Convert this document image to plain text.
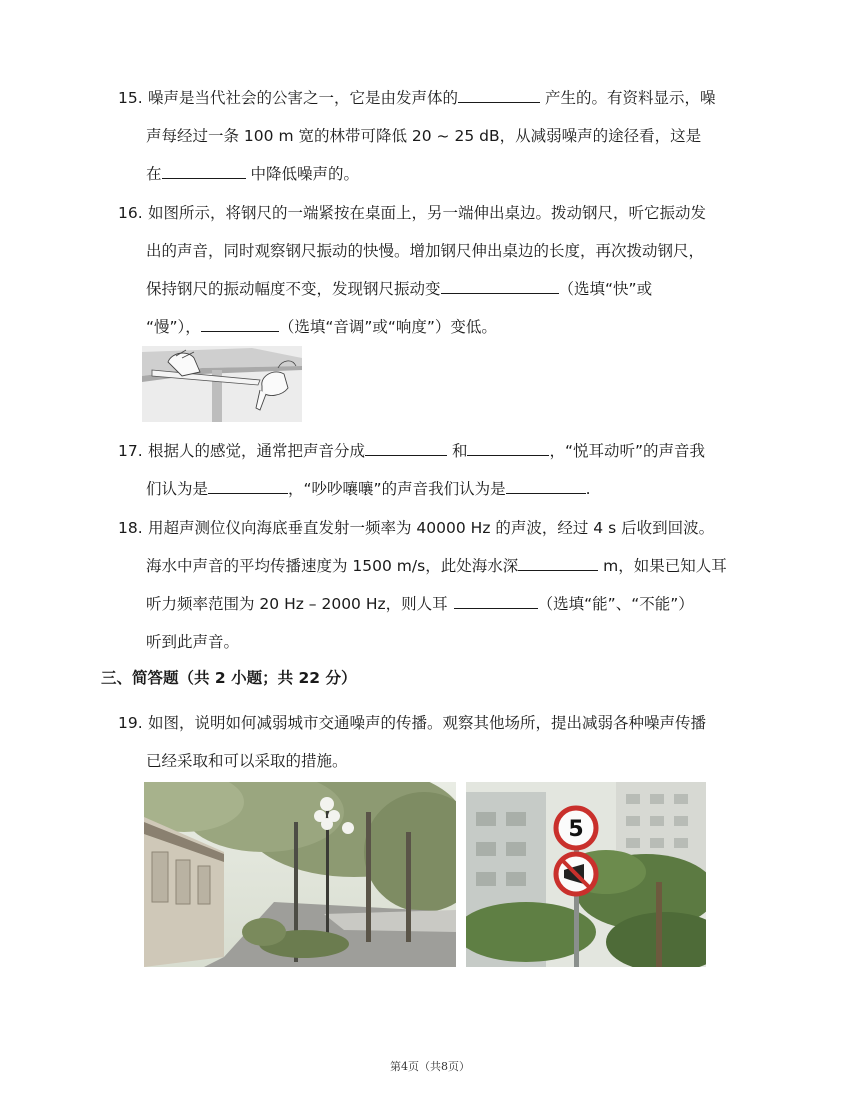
15. 噪声是当代社会的公害之一，它是由发声体的	产生的。有资料显示，噪
声每经过一条 100 m 宽的林带可降低 20 ~ 25 dB，从减弱噪声的途径看，这是
在	中降低噪声的。
16. 如图所示，将钢尺的一端紧按在桌面上，另一端伸出桌边。拨动钢尺，听它振动发
出的声音，同时观察钢尺振动的快慢。增加钢尺伸出桌边的长度，再次拨动钢尺，
保持钢尺的振动幅度不变，发现钢尺振动变	（选填“快”或
“慢”），	（选填“音调”或“响度”）变低。
17. 根据人的感觉，通常把声音分成	和	，“悦耳动听”的声音我
们认为是	，“吵吵嚷嚷”的声音我们认为是	.
18. 用超声测位仪向海底垂直发射一频率为 40000 Hz 的声波，经过 4 s 后收到回波。
海水中声音的平均传播速度为 1500 m/s，此处海水深	m，如果已知人耳
听力频率范围为 20 Hz – 2000 Hz，则人耳	（选填“能”、“不能”）
听到此声音。
三、简答题（共 2 小题；共 22 分）
19. 如图，说明如何减弱城市交通噪声的传播。观察其他场所，提出减弱各种噪声传播
已经采取和可以采取的措施。
5
第4页（共8页）
